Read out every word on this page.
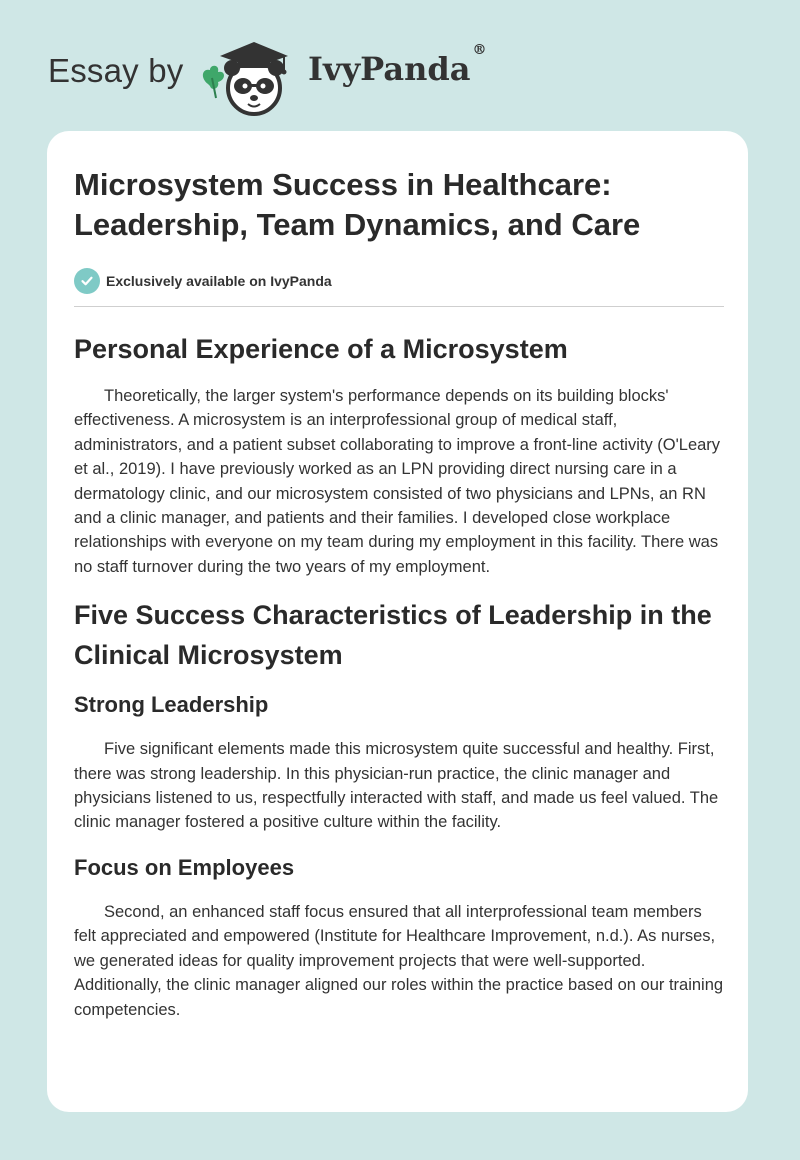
Essay by	IvyPanda ®
Microsystem Success in Healthcare: Leadership, Team Dynamics, and Care
Exclusively available on IvyPanda
Personal Experience of a Microsystem

Theoretically, the larger system's performance depends on its building blocks' effectiveness. A microsystem is an interprofessional group of medical staff, administrators, and a patient subset collaborating to improve a front-line activity (O'Leary et al., 2019). I have previously worked as an LPN providing direct nursing care in a dermatology clinic, and our microsystem consisted of two physicians and LPNs, an RN and a clinic manager, and patients and their families. I developed close workplace relationships with everyone on my team during my employment in this facility. There was no staff turnover during the two years of my employment.

Five Success Characteristics of Leadership in the Clinical Microsystem
Strong Leadership

Five significant elements made this microsystem quite successful and healthy. First, there was strong leadership. In this physician-run practice, the clinic manager and physicians listened to us, respectfully interacted with staff, and made us feel valued. The clinic manager fostered a positive culture within the facility.

Focus on Employees

Second, an enhanced staff focus ensured that all interprofessional team members felt appreciated and empowered (Institute for Healthcare Improvement, n.d.). As nurses, we generated ideas for quality improvement projects that were well-supported. Additionally, the clinic manager aligned our roles within the practice based on our training competencies.
